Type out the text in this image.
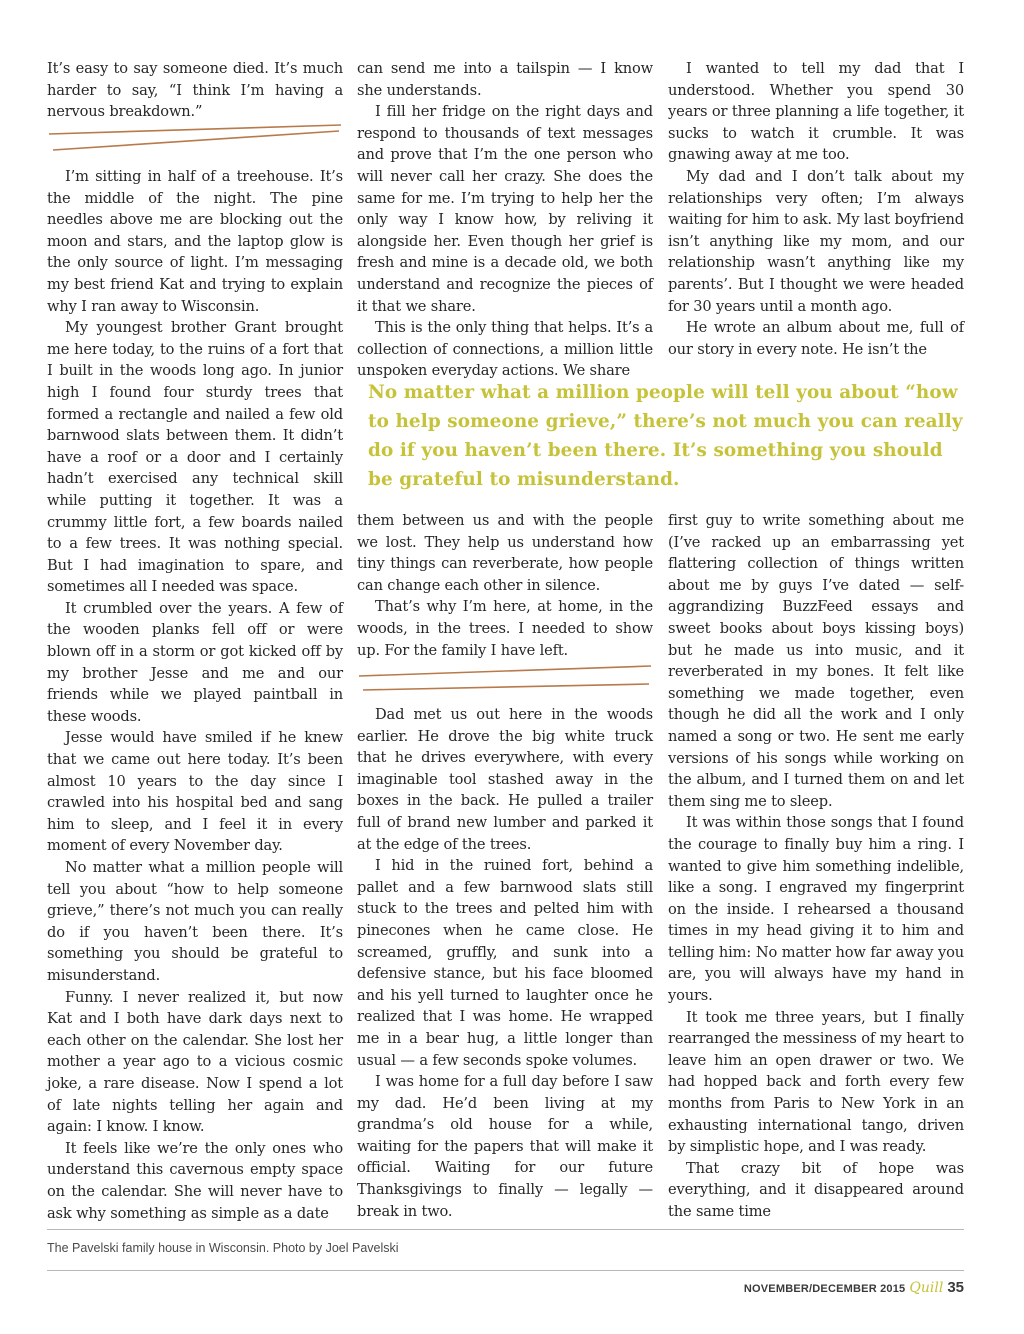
It’s easy to say someone died. It’s much harder to say, “I think I’m having a nervous breakdown.”

I’m sitting in half of a treehouse. It’s the middle of the night. The pine needles above me are blocking out the moon and stars, and the laptop glow is the only source of light. I’m messaging my best friend Kat and trying to explain why I ran away to Wisconsin.

My youngest brother Grant brought me here today, to the ruins of a fort that I built in the woods long ago. In junior high I found four sturdy trees that formed a rectangle and nailed a few old barnwood slats between them. It didn’t have a roof or a door and I certainly hadn’t exercised any technical skill while putting it together. It was a crummy little fort, a few boards nailed to a few trees. It was nothing special. But I had imagination to spare, and sometimes all I needed was space.

It crumbled over the years. A few of the wooden planks fell off or were blown off in a storm or got kicked off by my brother Jesse and me and our friends while we played paintball in these woods.

Jesse would have smiled if he knew that we came out here today. It’s been almost 10 years to the day since I crawled into his hospital bed and sang him to sleep, and I feel it in every moment of every November day.

No matter what a million people will tell you about “how to help someone grieve,” there’s not much you can really do if you haven’t been there. It’s something you should be grateful to misunderstand.

Funny. I never realized it, but now Kat and I both have dark days next to each other on the calendar. She lost her mother a year ago to a vicious cosmic joke, a rare disease. Now I spend a lot of late nights telling her again and again: I know. I know.

It feels like we’re the only ones who understand this cavernous empty space on the calendar. She will never have to ask why something as simple as a date

can send me into a tailspin — I know she understands.

I fill her fridge on the right days and respond to thousands of text messages and prove that I’m the one person who will never call her crazy. She does the same for me. I’m trying to help her the only way I know how, by reliving it alongside her. Even though her grief is fresh and mine is a decade old, we both understand and recognize the pieces of it that we share.

This is the only thing that helps. It’s a collection of connections, a million little unspoken everyday actions. We share

them between us and with the people we lost. They help us understand how tiny things can reverberate, how people can change each other in silence.

That’s why I’m here, at home, in the woods, in the trees. I needed to show up. For the family I have left.

Dad met us out here in the woods earlier. He drove the big white truck that he drives everywhere, with every imaginable tool stashed away in the boxes in the back. He pulled a trailer full of brand new lumber and parked it at the edge of the trees.

I hid in the ruined fort, behind a pallet and a few barnwood slats still stuck to the trees and pelted him with pinecones when he came close. He screamed, gruffly, and sunk into a defensive stance, but his face bloomed and his yell turned to laughter once he realized that I was home. He wrapped me in a bear hug, a little longer than usual — a few seconds spoke volumes.

I was home for a full day before I saw my dad. He’d been living at my grandma’s old house for a while, waiting for the papers that will make it official. Waiting for our future Thanksgivings to finally — legally — break in two.

I wanted to tell my dad that I understood. Whether you spend 30 years or three planning a life together, it sucks to watch it crumble. It was gnawing away at me too.

My dad and I don’t talk about my relationships very often; I’m always waiting for him to ask. My last boyfriend isn’t anything like my mom, and our relationship wasn’t anything like my parents’. But I thought we were headed for 30 years until a month ago.

He wrote an album about me, full of our story in every note. He isn’t the

first guy to write something about me (I’ve racked up an embarrassing yet flattering collection of things written about me by guys I’ve dated — self-aggrandizing BuzzFeed essays and sweet books about boys kissing boys) but he made us into music, and it reverberated in my bones. It felt like something we made together, even though he did all the work and I only named a song or two. He sent me early versions of his songs while working on the album, and I turned them on and let them sing me to sleep.

It was within those songs that I found the courage to finally buy him a ring. I wanted to give him something indelible, like a song. I engraved my fingerprint on the inside. I rehearsed a thousand times in my head giving it to him and telling him: No matter how far away you are, you will always have my hand in yours.

It took me three years, but I finally rearranged the messiness of my heart to leave him an open drawer or two. We had hopped back and forth every few months from Paris to New York in an exhausting international tango, driven by simplistic hope, and I was ready.

That crazy bit of hope was everything, and it disappeared around the same time

No matter what a million people will tell you about “how to help someone grieve,” there’s not much you can really do if you haven’t been there. It’s something you should be grateful to misunderstand.
The Pavelski family house in Wisconsin. Photo by Joel Pavelski
NOVEMBER/DECEMBER 2015 Quill 35
